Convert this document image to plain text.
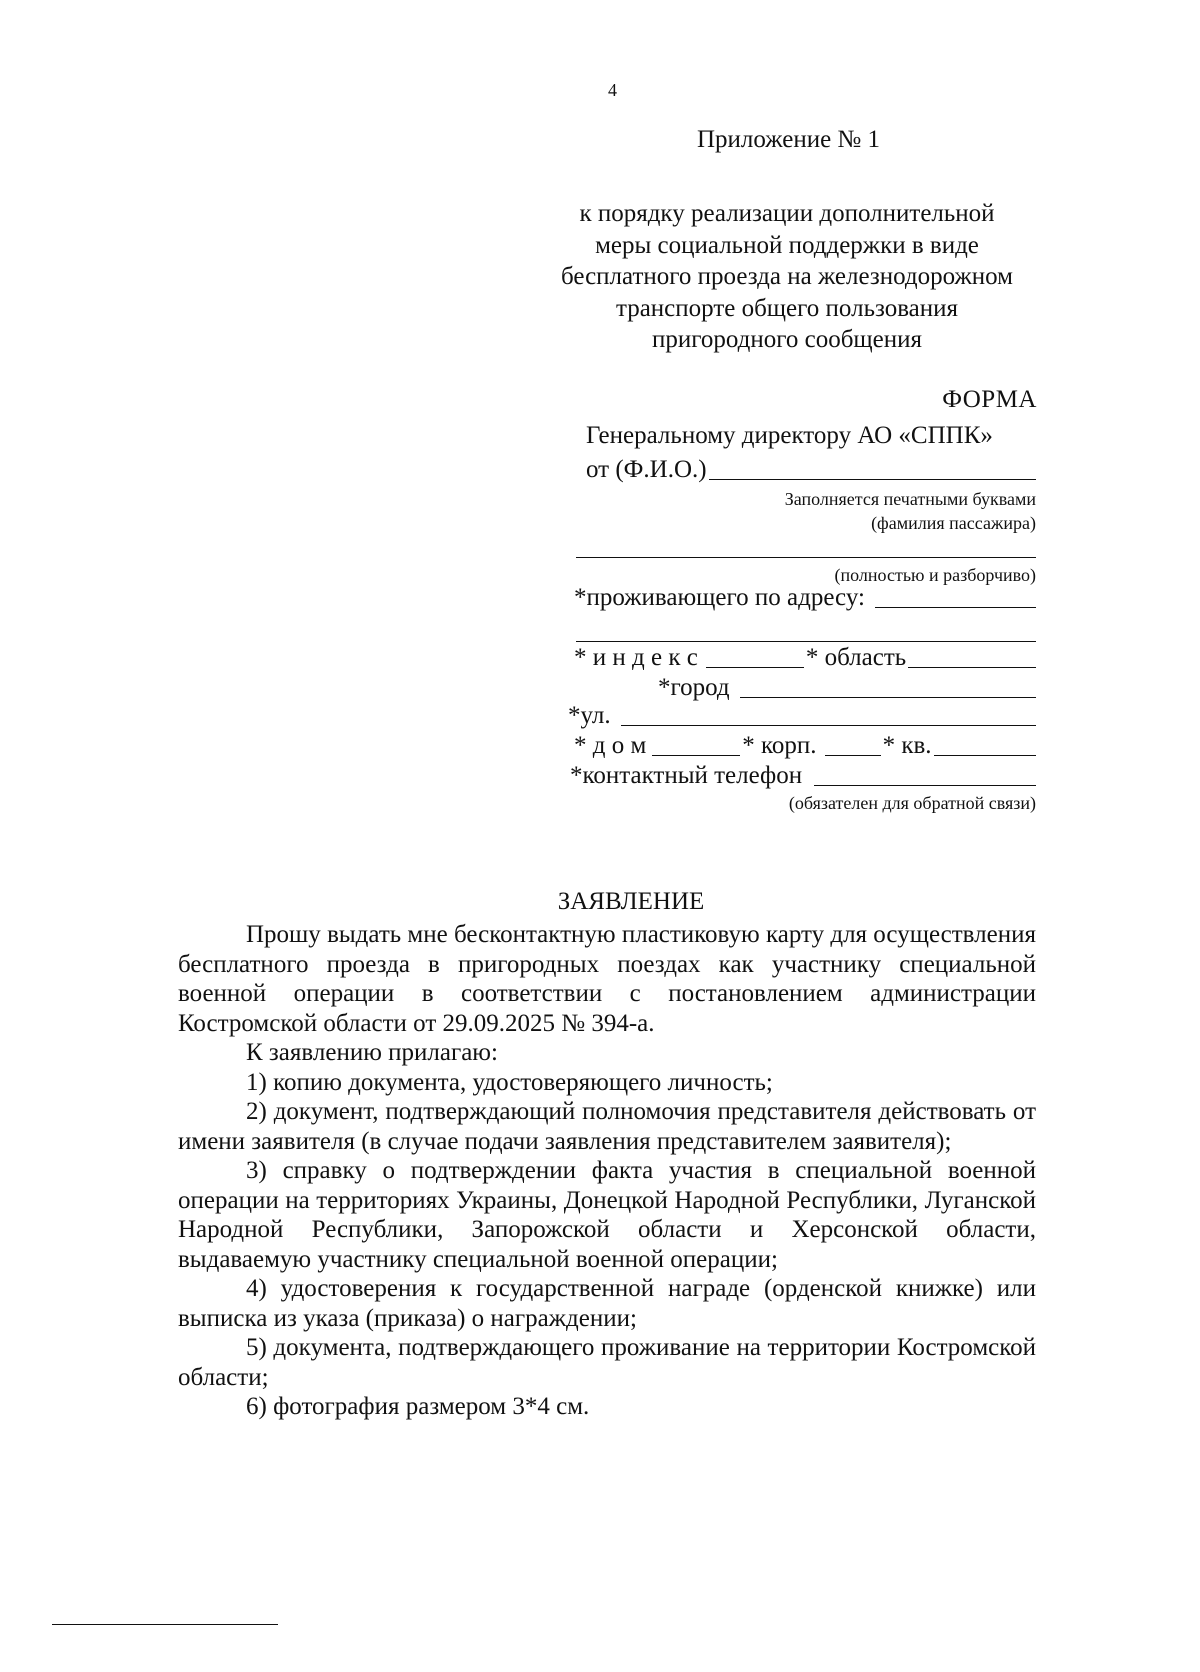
4
Приложение № 1
к порядку реализации дополнительной
меры социальной поддержки в виде
бесплатного проезда на железнодорожном
транспорте общего пользования
пригородного сообщения
ФОРМА
Генеральному директору АО «СППК»
от (Ф.И.О.)
Заполняется печатными буквами
(фамилия пассажира)
(полностью и разборчиво)
*проживающего по адресу:
* и н д е к с	* область
*город
*ул.
* д о м	* корп.	* кв.
*контактный телефон
(обязателен для обратной связи)
ЗАЯВЛЕНИЕ

Прошу выдать мне бесконтактную пластиковую карту для осуществления бесплатного проезда в пригородных поездах как участнику специальной военной операции в соответствии с постановлением администрации Костромской области от 29.09.2025 № 394-а.

К заявлению прилагаю:

1) копию документа, удостоверяющего личность;

2) документ, подтверждающий полномочия представителя действовать от имени заявителя (в случае подачи заявления представителем заявителя);

3) справку о подтверждении факта участия в специальной военной операции на территориях Украины, Донецкой Народной Республики, Луганской Народной Республики, Запорожской области и Херсонской области, выдаваемую участнику специальной военной операции;

4) удостоверения к государственной награде (орденской книжке) или выписка из указа (приказа) о награждении;

5) документа, подтверждающего проживание на территории Костромской области;

6) фотография размером 3*4 см.
